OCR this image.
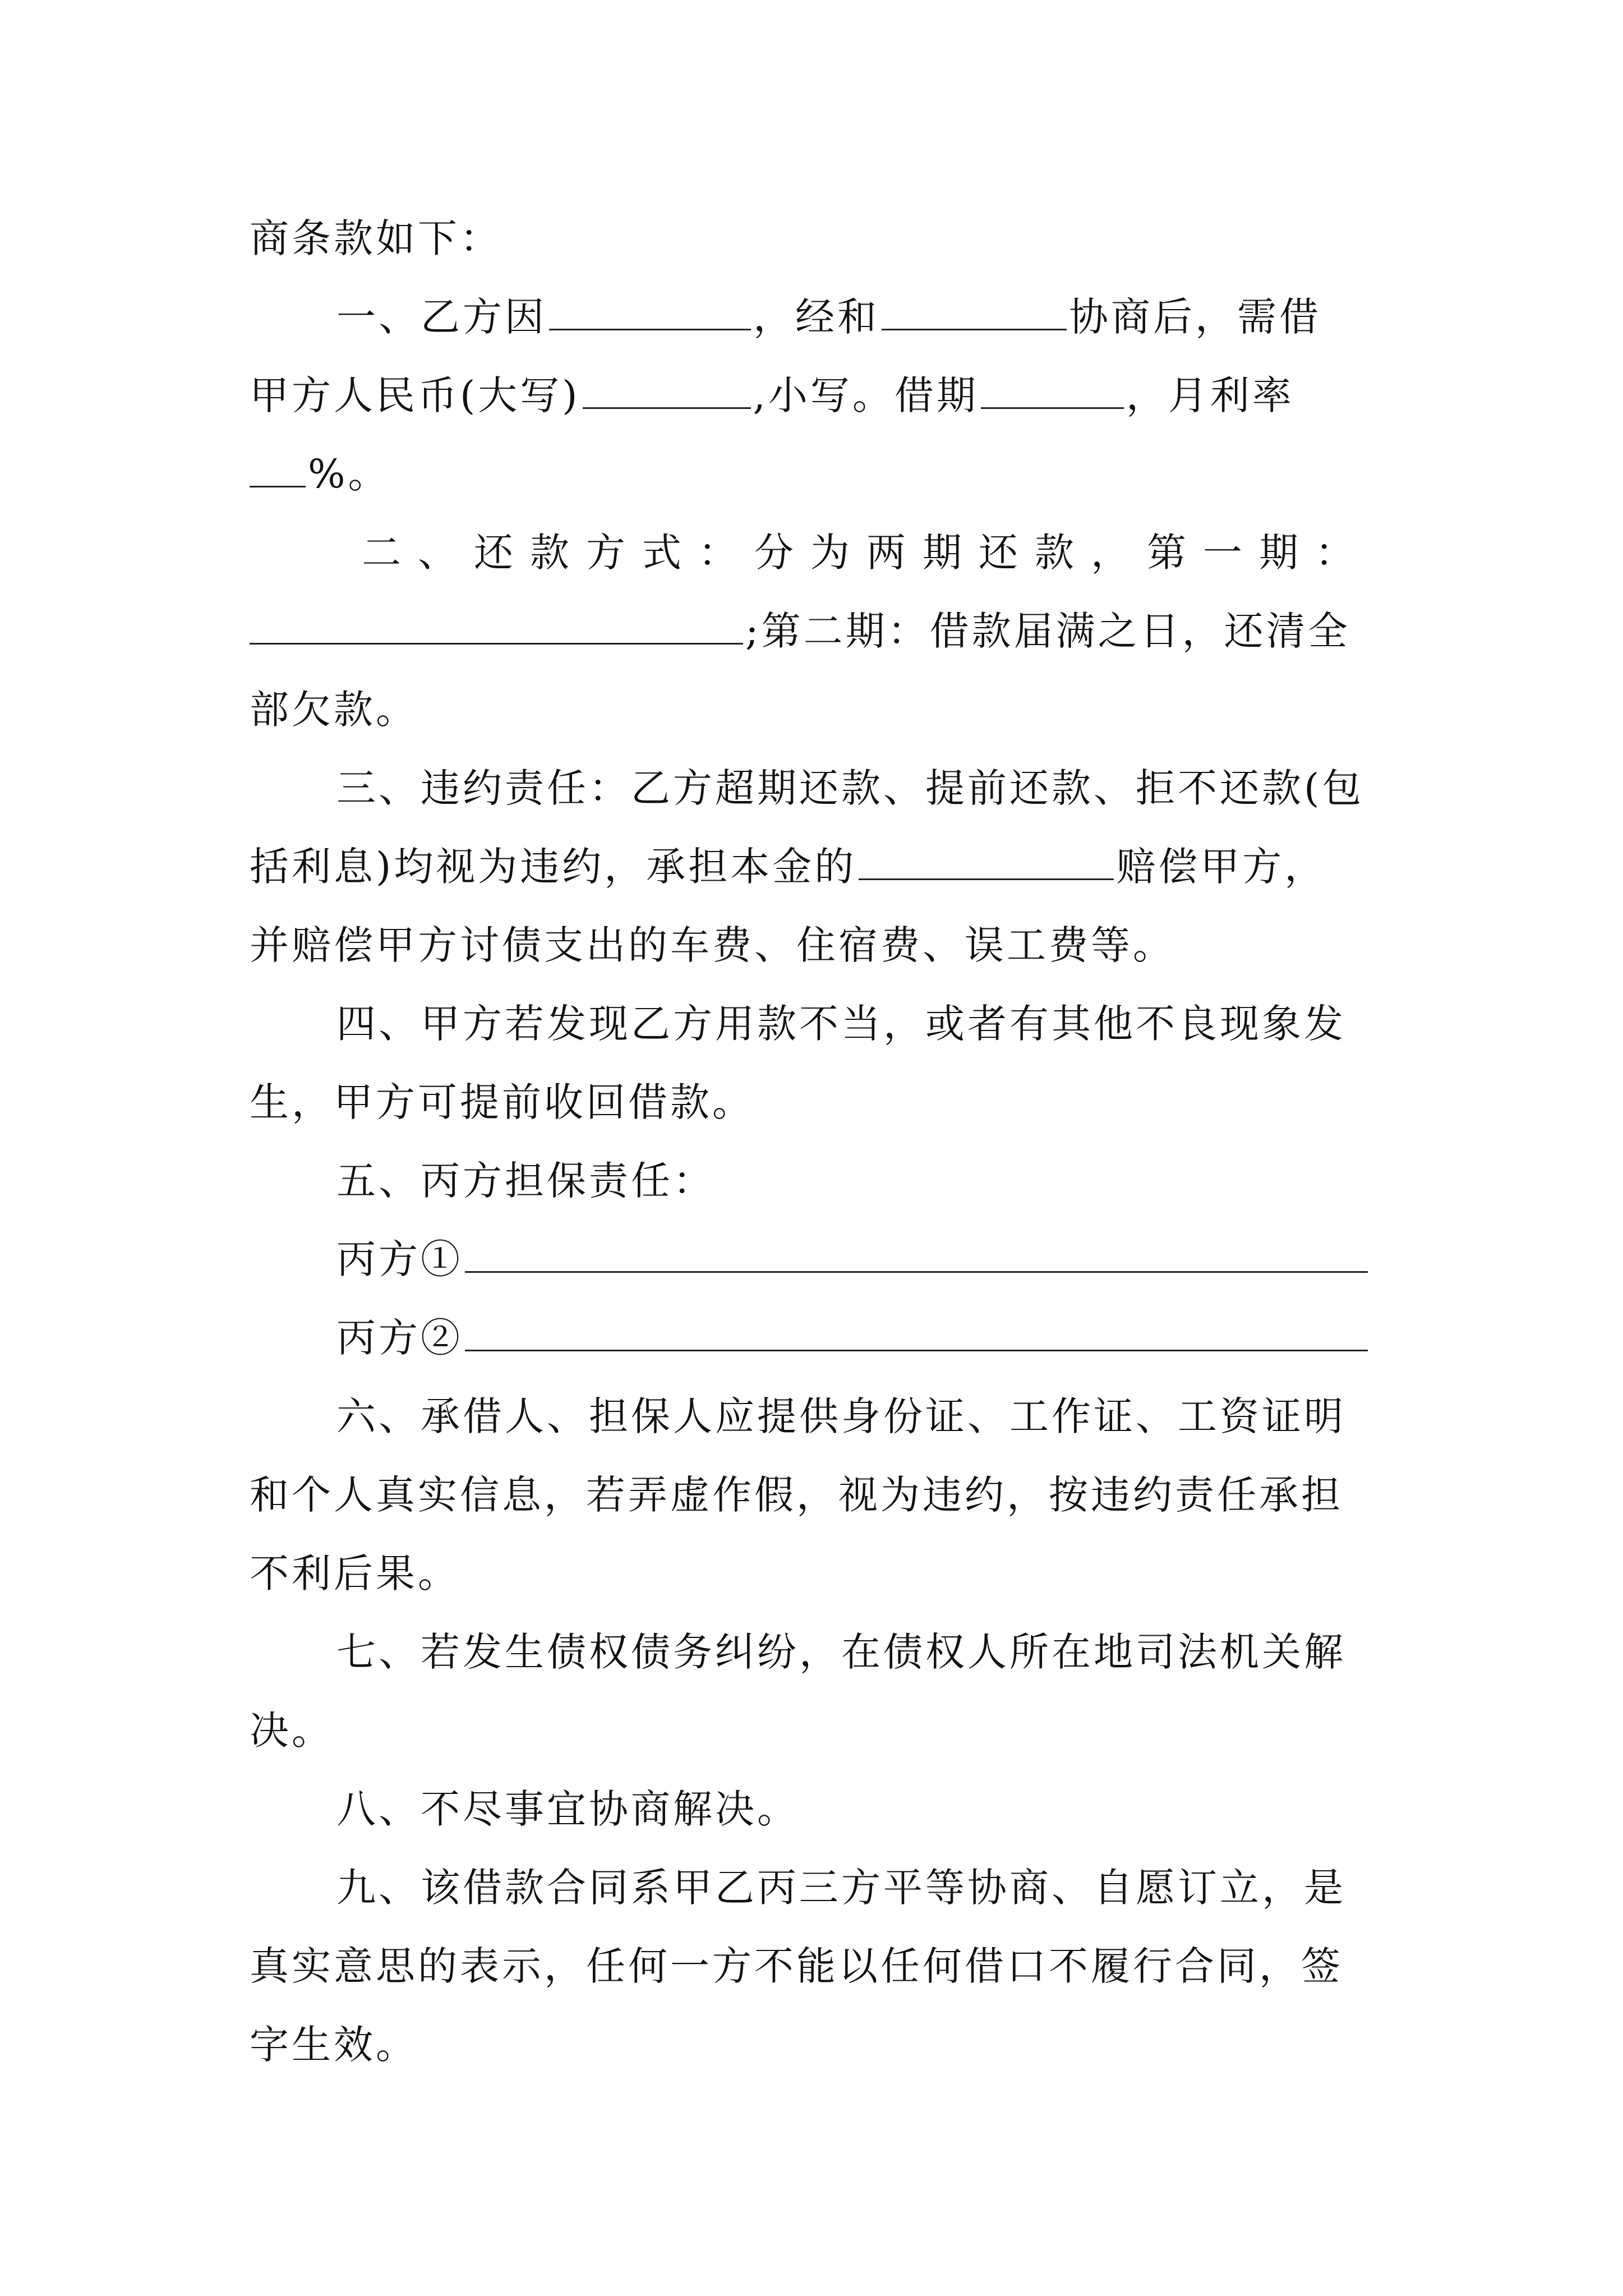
商条款如下：
一、乙方因	，经和	协商后，需借
甲方人民币(大写)	,小写。借期	，月利率
%。
二、还款方式：分为两期还款，第一期：
;第二期：借款届满之日，还清全
部欠款。
三、违约责任：乙方超期还款、提前还款、拒不还款(包
括利息)均视为违约，承担本金的	赔偿甲方，
并赔偿甲方讨债支出的车费、住宿费、误工费等。
四、甲方若发现乙方用款不当，或者有其他不良现象发
生，甲方可提前收回借款。
五、丙方担保责任：
丙方①
丙方②
六、承借人、担保人应提供身份证、工作证、工资证明
和个人真实信息，若弄虚作假，视为违约，按违约责任承担
不利后果。
七、若发生债权债务纠纷，在债权人所在地司法机关解
决。
八、不尽事宜协商解决。
九、该借款合同系甲乙丙三方平等协商、自愿订立，是
真实意思的表示，任何一方不能以任何借口不履行合同，签
字生效。
